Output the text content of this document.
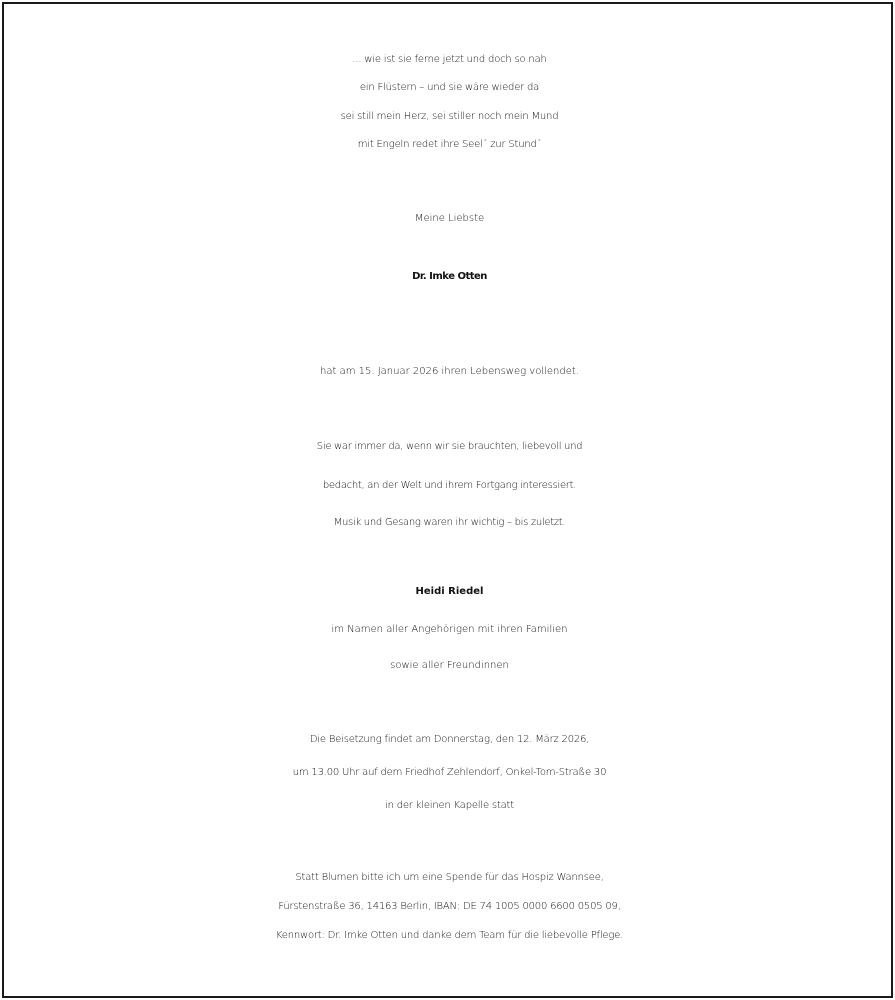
... wie ist sie ferne jetzt und doch so nah
ein Flüstern – und sie wäre wieder da
sei still mein Herz, sei stiller noch mein Mund
mit Engeln redet ihre Seel´ zur Stund´
Meine Liebste
Dr. Imke Otten
hat am 15. Januar 2026 ihren Lebensweg vollendet.
Sie war immer da, wenn wir sie brauchten, liebevoll und
bedacht, an der Welt und ihrem Fortgang interessiert.
Musik und Gesang waren ihr wichtig – bis zuletzt.
Heidi Riedel
im Namen aller Angehörigen mit ihren Familien
sowie aller Freundinnen
Die Beisetzung findet am Donnerstag, den 12. März 2026,
um 13.00 Uhr auf dem Friedhof Zehlendorf, Onkel-Tom-Straße 30
in der kleinen Kapelle statt
Statt Blumen bitte ich um eine Spende für das Hospiz Wannsee,
Fürstenstraße 36, 14163 Berlin, IBAN: DE 74 1005 0000 6600 0505 09,
Kennwort: Dr. Imke Otten und danke dem Team für die liebevolle Pflege.
